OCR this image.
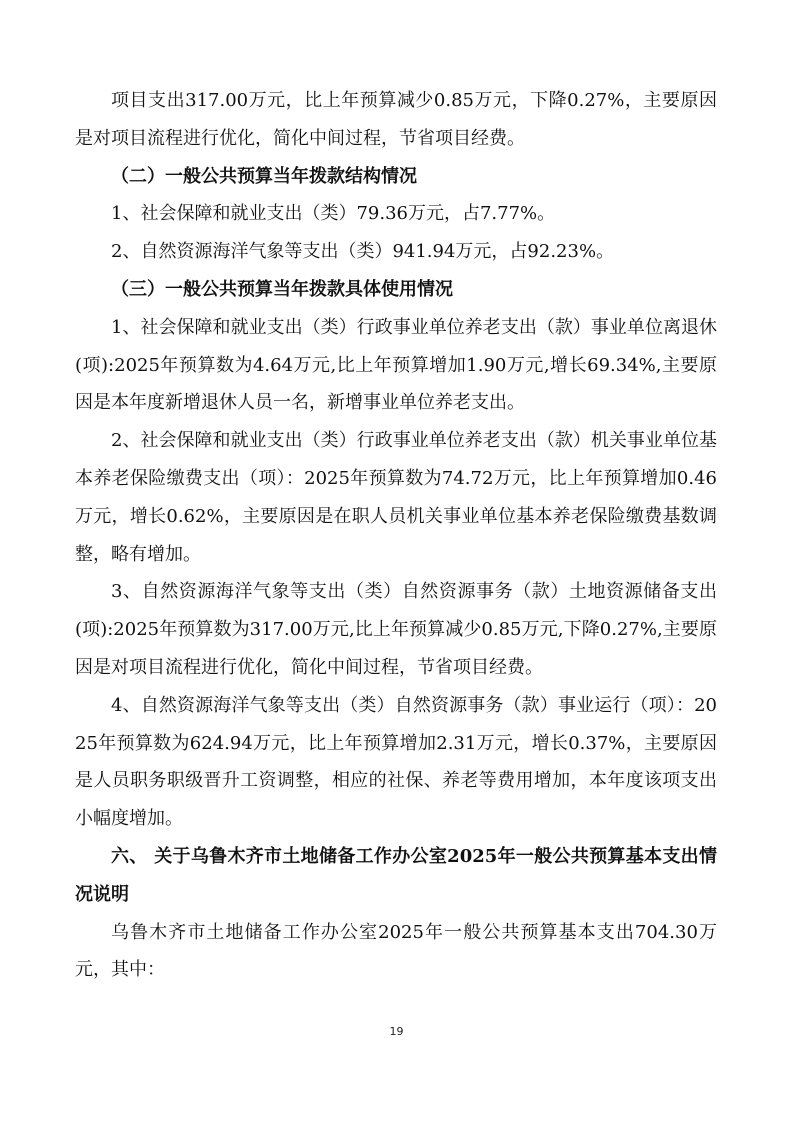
项目支出317.00万元，比上年预算减少0.85万元，下降0.27%，主要原因是对项目流程进行优化，简化中间过程，节省项目经费。

（二）一般公共预算当年拨款结构情况

1、社会保障和就业支出（类）79.36万元，占7.77%。

2、自然资源海洋气象等支出（类）941.94万元，占92.23%。

（三）一般公共预算当年拨款具体使用情况

1、社会保障和就业支出（类）行政事业单位养老支出（款）事业单位离退休(项):2025年预算数为4.64万元,比上年预算增加1.90万元,增长69.34%,主要原因是本年度新增退休人员一名，新增事业单位养老支出。

2、社会保障和就业支出（类）行政事业单位养老支出（款）机关事业单位基本养老保险缴费支出（项）：2025年预算数为74.72万元，比上年预算增加0.46万元，增长0.62%，主要原因是在职人员机关事业单位基本养老保险缴费基数调整，略有增加。

3、自然资源海洋气象等支出（类）自然资源事务（款）土地资源储备支出(项):2025年预算数为317.00万元,比上年预算减少0.85万元,下降0.27%,主要原因是对项目流程进行优化，简化中间过程，节省项目经费。

4、自然资源海洋气象等支出（类）自然资源事务（款）事业运行（项）：2025年预算数为624.94万元，比上年预算增加2.31万元，增长0.37%，主要原因是人员职务职级晋升工资调整，相应的社保、养老等费用增加，本年度该项支出小幅度增加。

六、 关于乌鲁木齐市土地储备工作办公室2025年一般公共预算基本支出情况说明

乌鲁木齐市土地储备工作办公室2025年一般公共预算基本支出704.30万元，其中：

19
